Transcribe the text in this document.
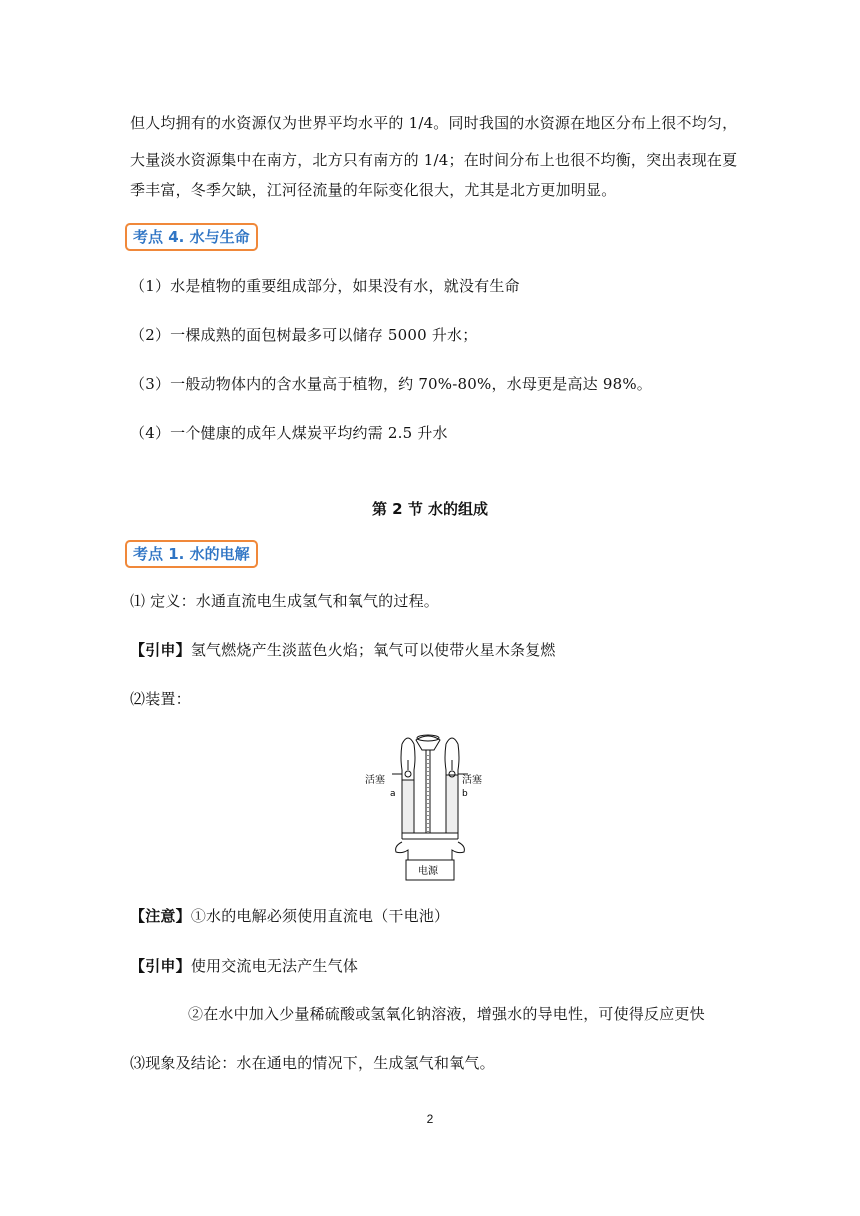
但人均拥有的水资源仅为世界平均水平的 1/4。同时我国的水资源在地区分布上很不均匀，
大量淡水资源集中在南方，北方只有南方的 1/4；在时间分布上也很不均衡，突出表现在夏
季丰富，冬季欠缺，江河径流量的年际变化很大，尤其是北方更加明显。
考点 4. 水与生命
（1）水是植物的重要组成部分，如果没有水，就没有生命
（2）一棵成熟的面包树最多可以储存 5000 升水；
（3）一般动物体内的含水量高于植物，约 70%-80%，水母更是高达 98%。
（4）一个健康的成年人煤炭平均约需 2.5 升水
第 2 节 水的组成
考点 1. 水的电解
⑴ 定义：水通直流电生成氢气和氧气的过程。
【引申】氢气燃烧产生淡蓝色火焰；氧气可以使带火星木条复燃
⑵装置：
活塞	活塞
a	b
电源
【注意】①水的电解必须使用直流电（干电池）
【引申】使用交流电无法产生气体
②在水中加入少量稀硫酸或氢氧化钠溶液，增强水的导电性，可使得反应更快
⑶现象及结论：水在通电的情况下，生成氢气和氧气。
2
